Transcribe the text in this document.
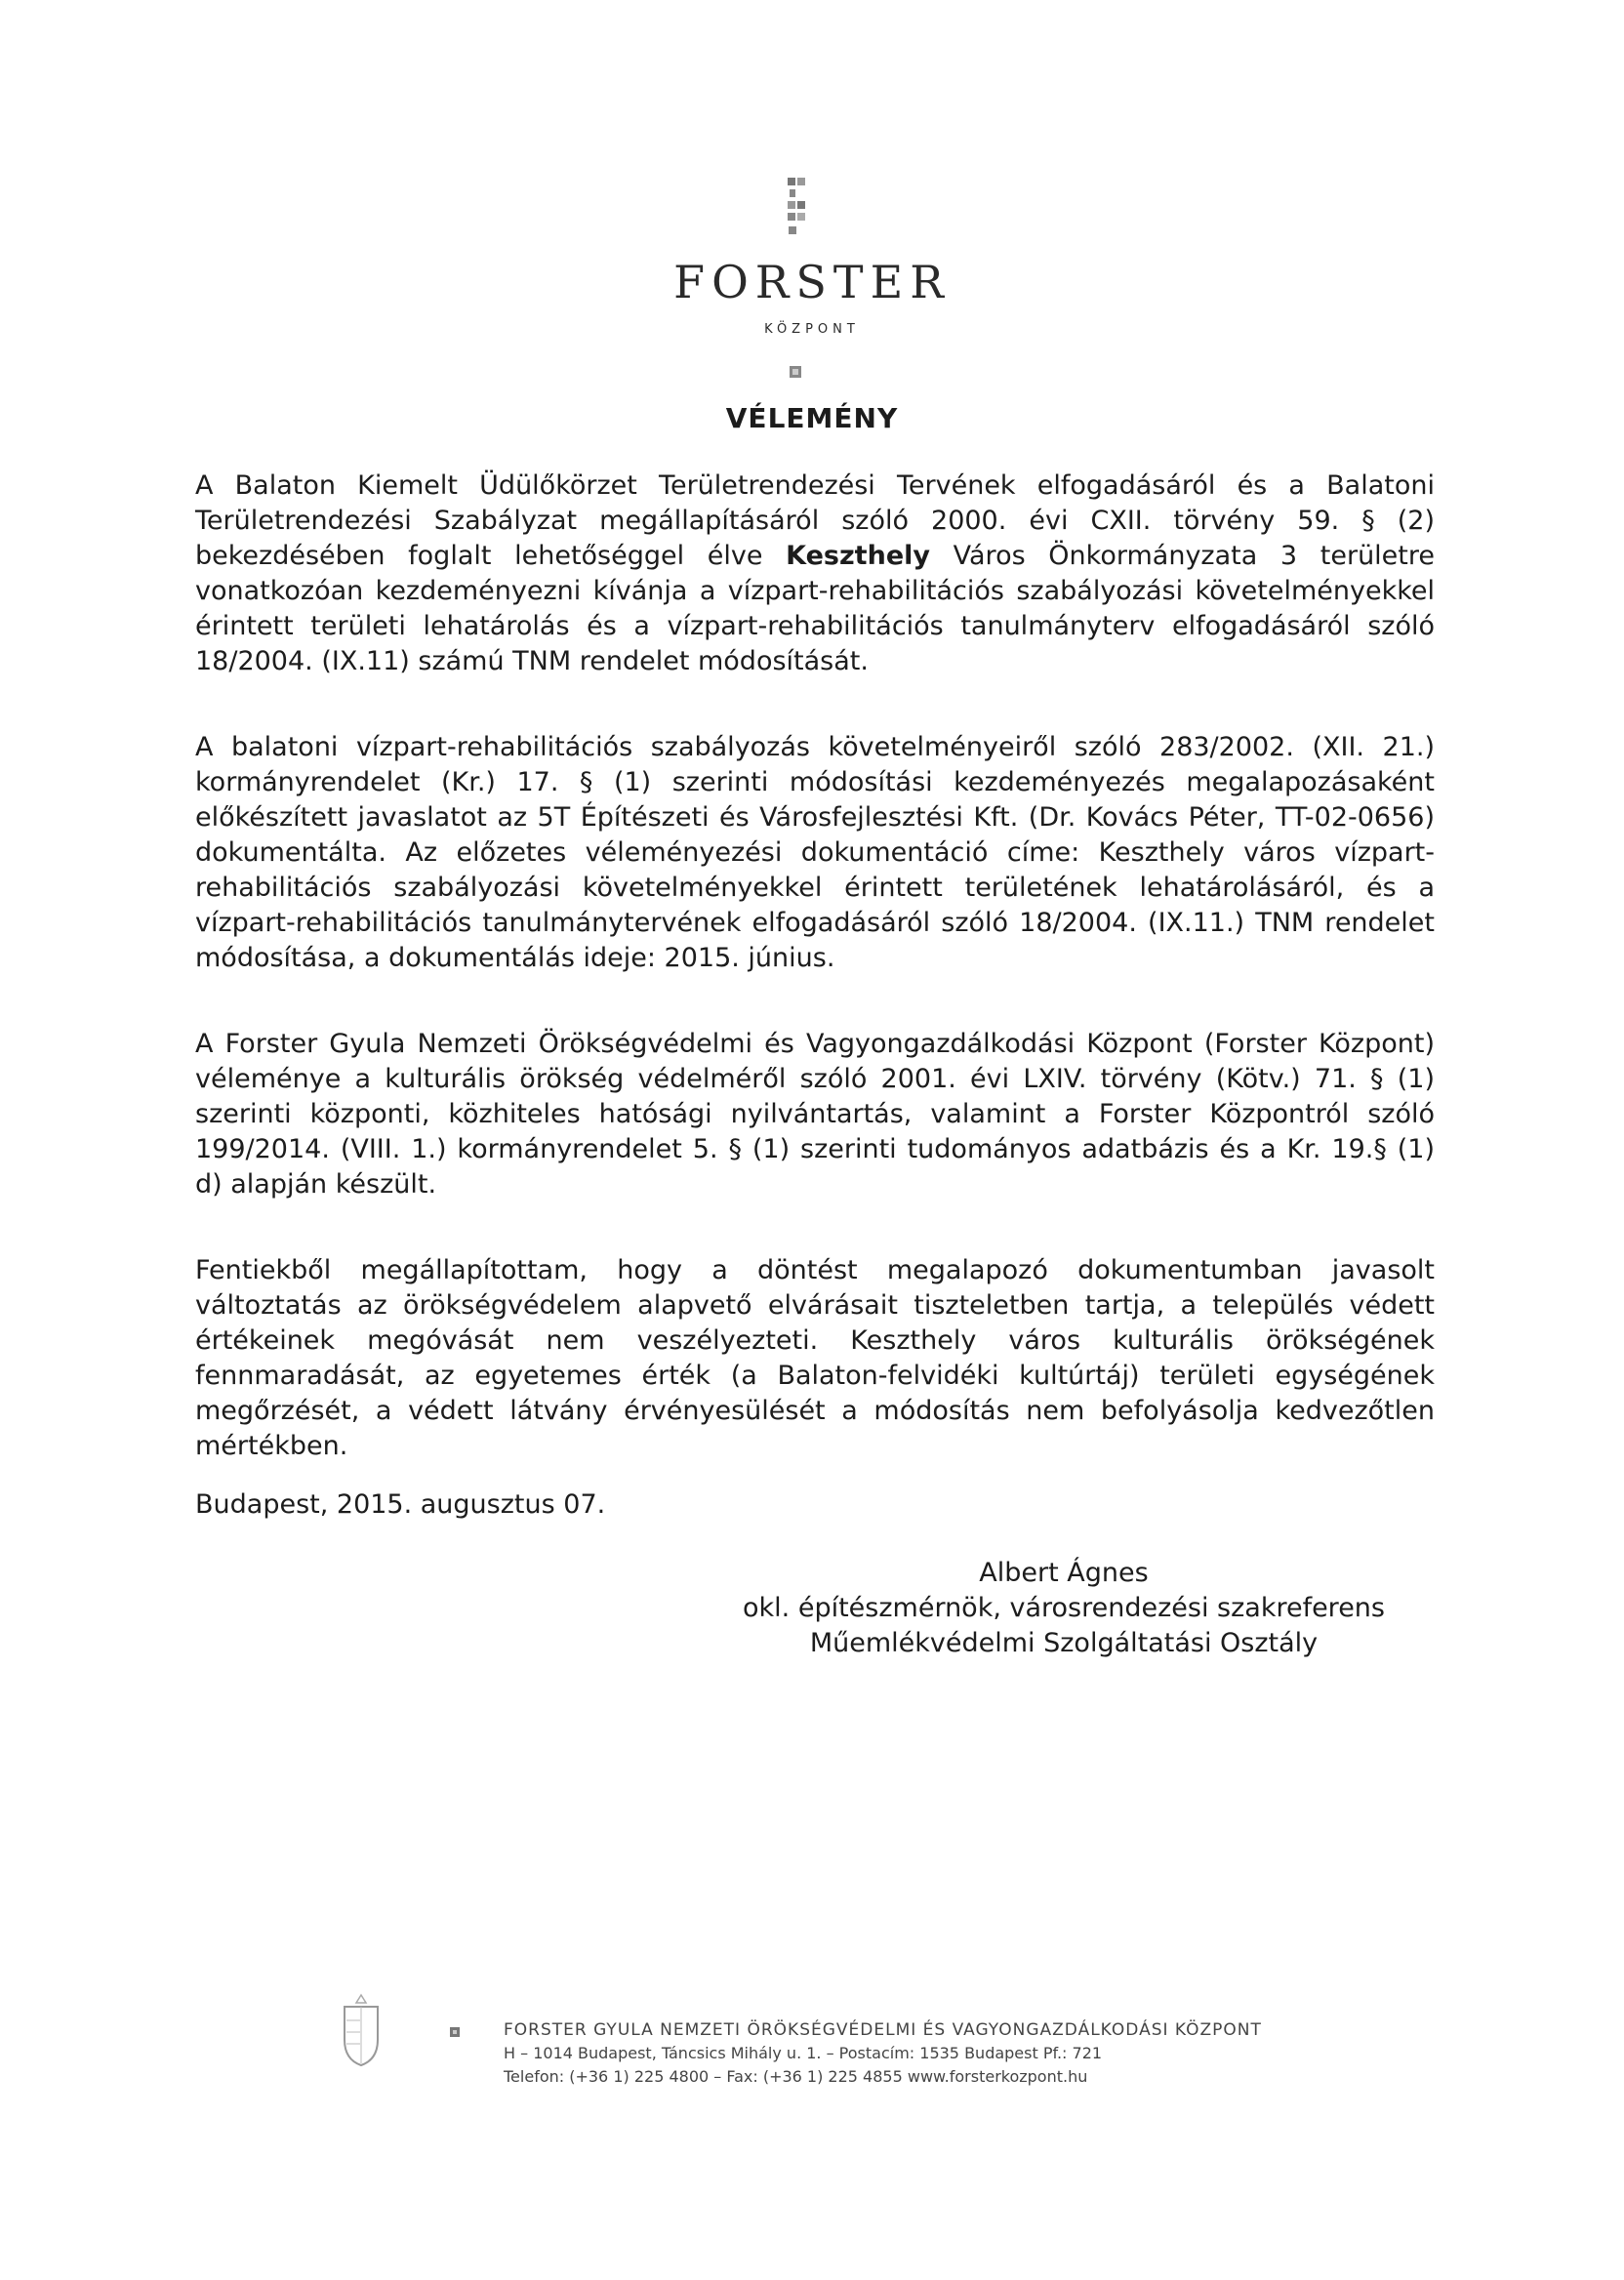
FORSTER
KÖZPONT
VÉLEMÉNY

A Balaton Kiemelt Üdülőkörzet Területrendezési Tervének elfogadásáról és a Balatoni Területrendezési Szabályzat megállapításáról szóló 2000. évi CXII. törvény 59. § (2) bekezdésében foglalt lehetőséggel élve Keszthely Város Önkormányzata 3 területre vonatkozóan kezdeményezni kívánja a vízpart-rehabilitációs szabályozási követelményekkel érintett területi lehatárolás és a vízpart-rehabilitációs tanulmányterv elfogadásáról szóló 18/2004. (IX.11) számú TNM rendelet módosítását.

A balatoni vízpart-rehabilitációs szabályozás követelményeiről szóló 283/2002. (XII. 21.) kormányrendelet (Kr.) 17. § (1) szerinti módosítási kezdeményezés megalapozásaként előkészített javaslatot az 5T Építészeti és Városfejlesztési Kft. (Dr. Kovács Péter, TT-02-0656) dokumentálta. Az előzetes véleményezési dokumentáció címe: Keszthely város vízpart-rehabilitációs szabályozási követelményekkel érintett területének lehatárolásáról, és a vízpart-rehabilitációs tanulmánytervének elfogadásáról szóló 18/2004. (IX.11.) TNM rendelet módosítása, a dokumentálás ideje: 2015. június.

A Forster Gyula Nemzeti Örökségvédelmi és Vagyongazdálkodási Központ (Forster Központ) véleménye a kulturális örökség védelméről szóló 2001. évi LXIV. törvény (Kötv.) 71. § (1) szerinti központi, közhiteles hatósági nyilvántartás, valamint a Forster Központról szóló 199/2014. (VIII. 1.) kormányrendelet 5. § (1) szerinti tudományos adatbázis és a Kr. 19.§ (1) d) alapján készült.

Fentiekből megállapítottam, hogy a döntést megalapozó dokumentumban javasolt változtatás az örökségvédelem alapvető elvárásait tiszteletben tartja, a település védett értékeinek megóvását nem veszélyezteti. Keszthely város kulturális örökségének fennmaradását, az egyetemes érték (a Balaton-felvidéki kultúrtáj) területi egységének megőrzését, a védett látvány érvényesülését a módosítás nem befolyásolja kedvezőtlen mértékben.

Budapest, 2015. augusztus 07.
Albert Ágnes
okl. építészmérnök, városrendezési szakreferens
Műemlékvédelmi Szolgáltatási Osztály
FORSTER GYULA NEMZETI ÖRÖKSÉGVÉDELMI ÉS VAGYONGAZDÁLKODÁSI KÖZPONT
H – 1014 Budapest, Táncsics Mihály u. 1. – Postacím: 1535 Budapest Pf.: 721
Telefon: (+36 1) 225 4800 – Fax: (+36 1) 225 4855 www.forsterkozpont.hu
